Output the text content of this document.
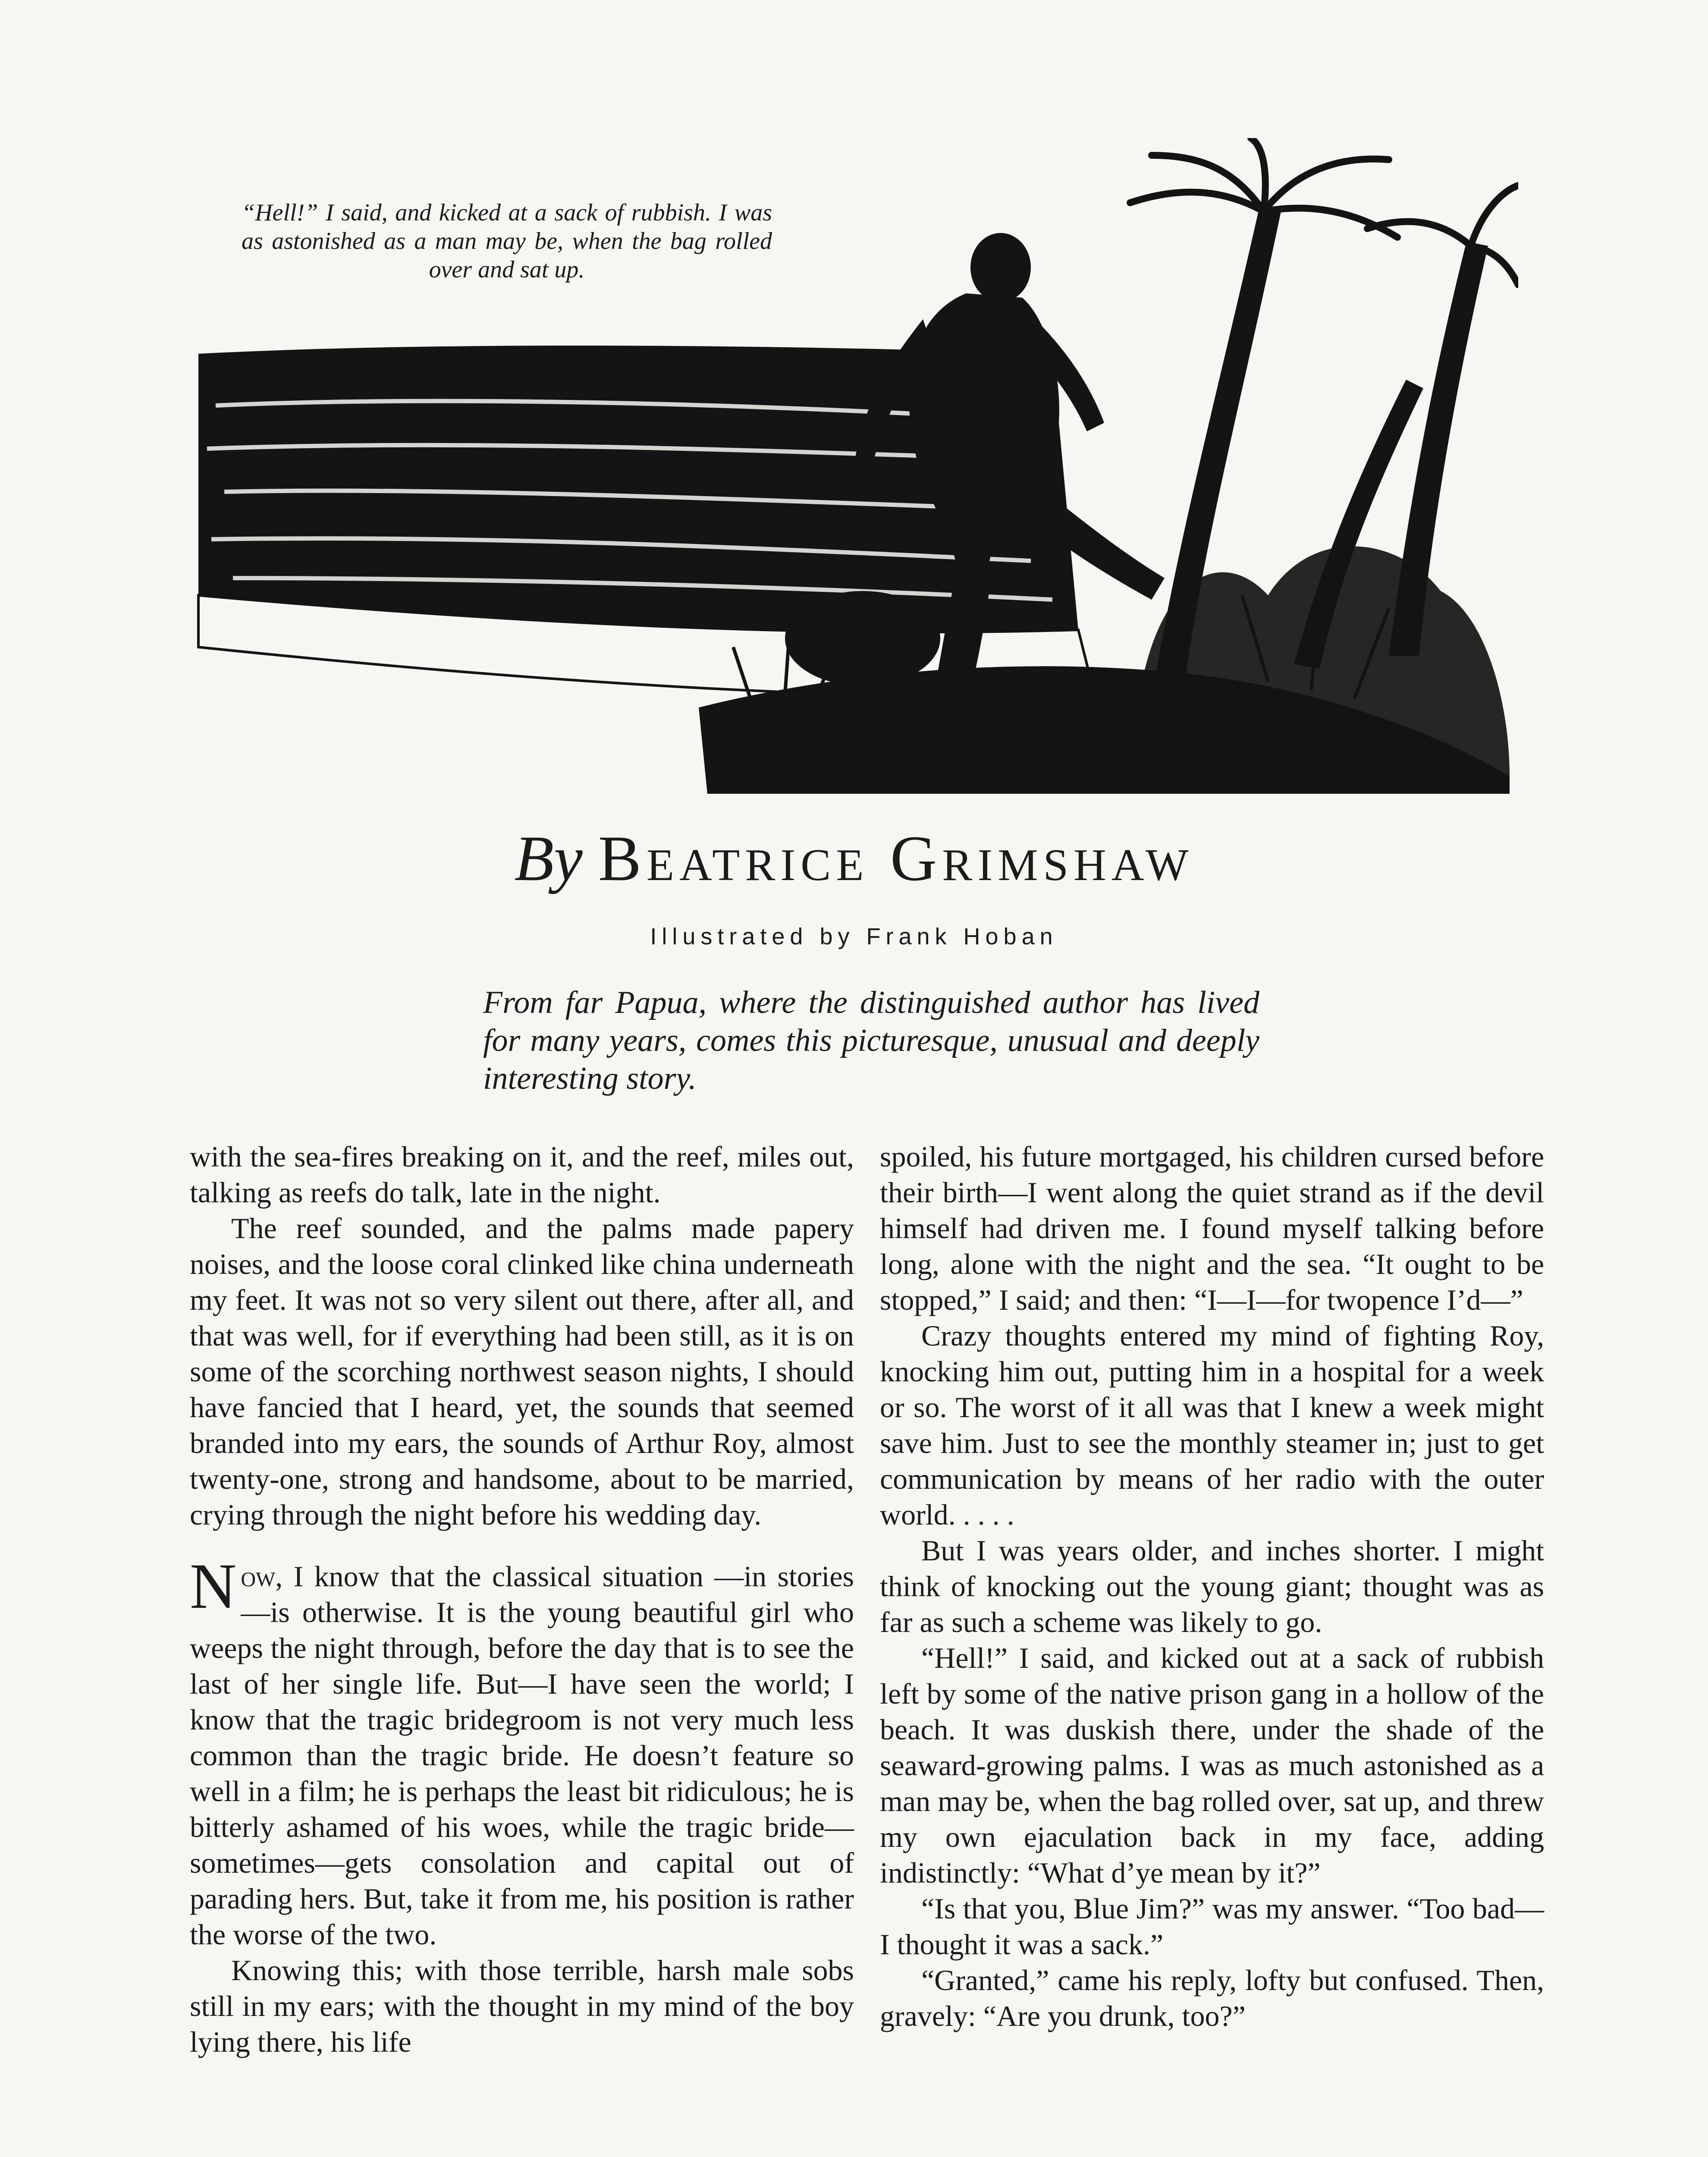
“Hell!” I said, and kicked at a sack of rubbish. I was as astonished as a man may be, when the bag rolled over and sat up.
By Beatrice Grimshaw
Illustrated by Frank Hoban
From far Papua, where the distinguished author has lived for many years, comes this picturesque, unusual and deeply interesting story.

with the sea-fires breaking on it, and the reef, miles out, talking as reefs do talk, late in the night.

The reef sounded, and the palms made papery noises, and the loose coral clinked like china underneath my feet. It was not so very silent out there, after all, and that was well, for if everything had been still, as it is on some of the scorching northwest season nights, I should have fancied that I heard, yet, the sounds that seemed branded into my ears, the sounds of Arthur Roy, almost twenty-one, strong and handsome, about to be married, crying through the night before his wedding day.

Now, I know that the classical situation —in stories—is otherwise. It is the young beautiful girl who weeps the night through, before the day that is to see the last of her single life. But—I have seen the world; I know that the tragic bridegroom is not very much less common than the tragic bride. He doesn’t feature so well in a film; he is perhaps the least bit ridiculous; he is bitterly ashamed of his woes, while the tragic bride—sometimes—gets consolation and capital out of parading hers. But, take it from me, his position is rather the worse of the two.

Knowing this; with those terrible, harsh male sobs still in my ears; with the thought in my mind of the boy lying there, his life

spoiled, his future mortgaged, his children cursed before their birth—I went along the quiet strand as if the devil himself had driven me. I found myself talking before long, alone with the night and the sea. “It ought to be stopped,” I said; and then: “I—I—for twopence I’d—”

Crazy thoughts entered my mind of fighting Roy, knocking him out, putting him in a hospital for a week or so. The worst of it all was that I knew a week might save him. Just to see the monthly steamer in; just to get communication by means of her radio with the outer world. . . . .

But I was years older, and inches shorter. I might think of knocking out the young giant; thought was as far as such a scheme was likely to go.

“Hell!” I said, and kicked out at a sack of rubbish left by some of the native prison gang in a hollow of the beach. It was duskish there, under the shade of the seaward-growing palms. I was as much astonished as a man may be, when the bag rolled over, sat up, and threw my own ejaculation back in my face, adding indistinctly: “What d’ye mean by it?”

“Is that you, Blue Jim?” was my answer. “Too bad—I thought it was a sack.”

“Granted,” came his reply, lofty but confused. Then, gravely: “Are you drunk, too?”
